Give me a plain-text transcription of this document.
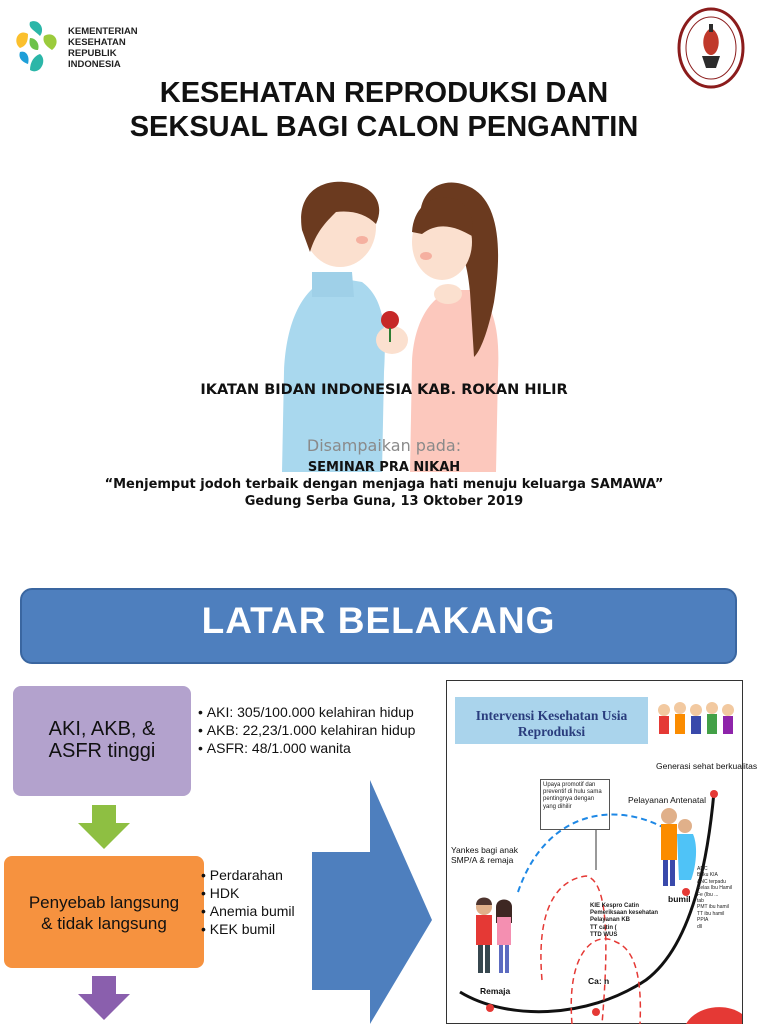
KEMENTERIAN
KESEHATAN
REPUBLIK
INDONESIA
KESEHATAN REPRODUKSI DAN
SEKSUAL BAGI CALON PENGANTIN
IKATAN BIDAN INDONESIA KAB. ROKAN HILIR
Disampaikan pada:
SEMINAR PRA NIKAH
“Menjemput jodoh terbaik dengan menjaga hati menuju keluarga SAMAWA”
Gedung Serba Guna, 13 Oktober 2019
LATAR BELAKANG
AKI, AKB, &
ASFR tinggi
• AKI: 305/100.000 kelahiran hidup
• AKB: 22,23/1.000 kelahiran hidup
• ASFR: 48/1.000 wanita
Penyebab langsung
& tidak langsung
• Perdarahan
• HDK
• Anemia bumil
• KEK bumil
Intervensi Kesehatan Usia Reproduksi
Generasi sehat berkualitas
Upaya promotif dan
preventif di hulu sama
pentingnya dengan
yang dihilir
Pelayanan Antenatal
Yankes bagi anak
SMP/A & remaja
bumil
KIE Kespro Catin
Pemeriksaan kesehatan
Pelayanan KB
TT catin (
TTD WUS
ANC
Buku KIA
ANC terpadu
Kelas Ibu Hamil
Fe (Ibu ...
tab
PMT ibu hamil
TT ibu hamil
PPIA
dll
Remaja
Ca: n
